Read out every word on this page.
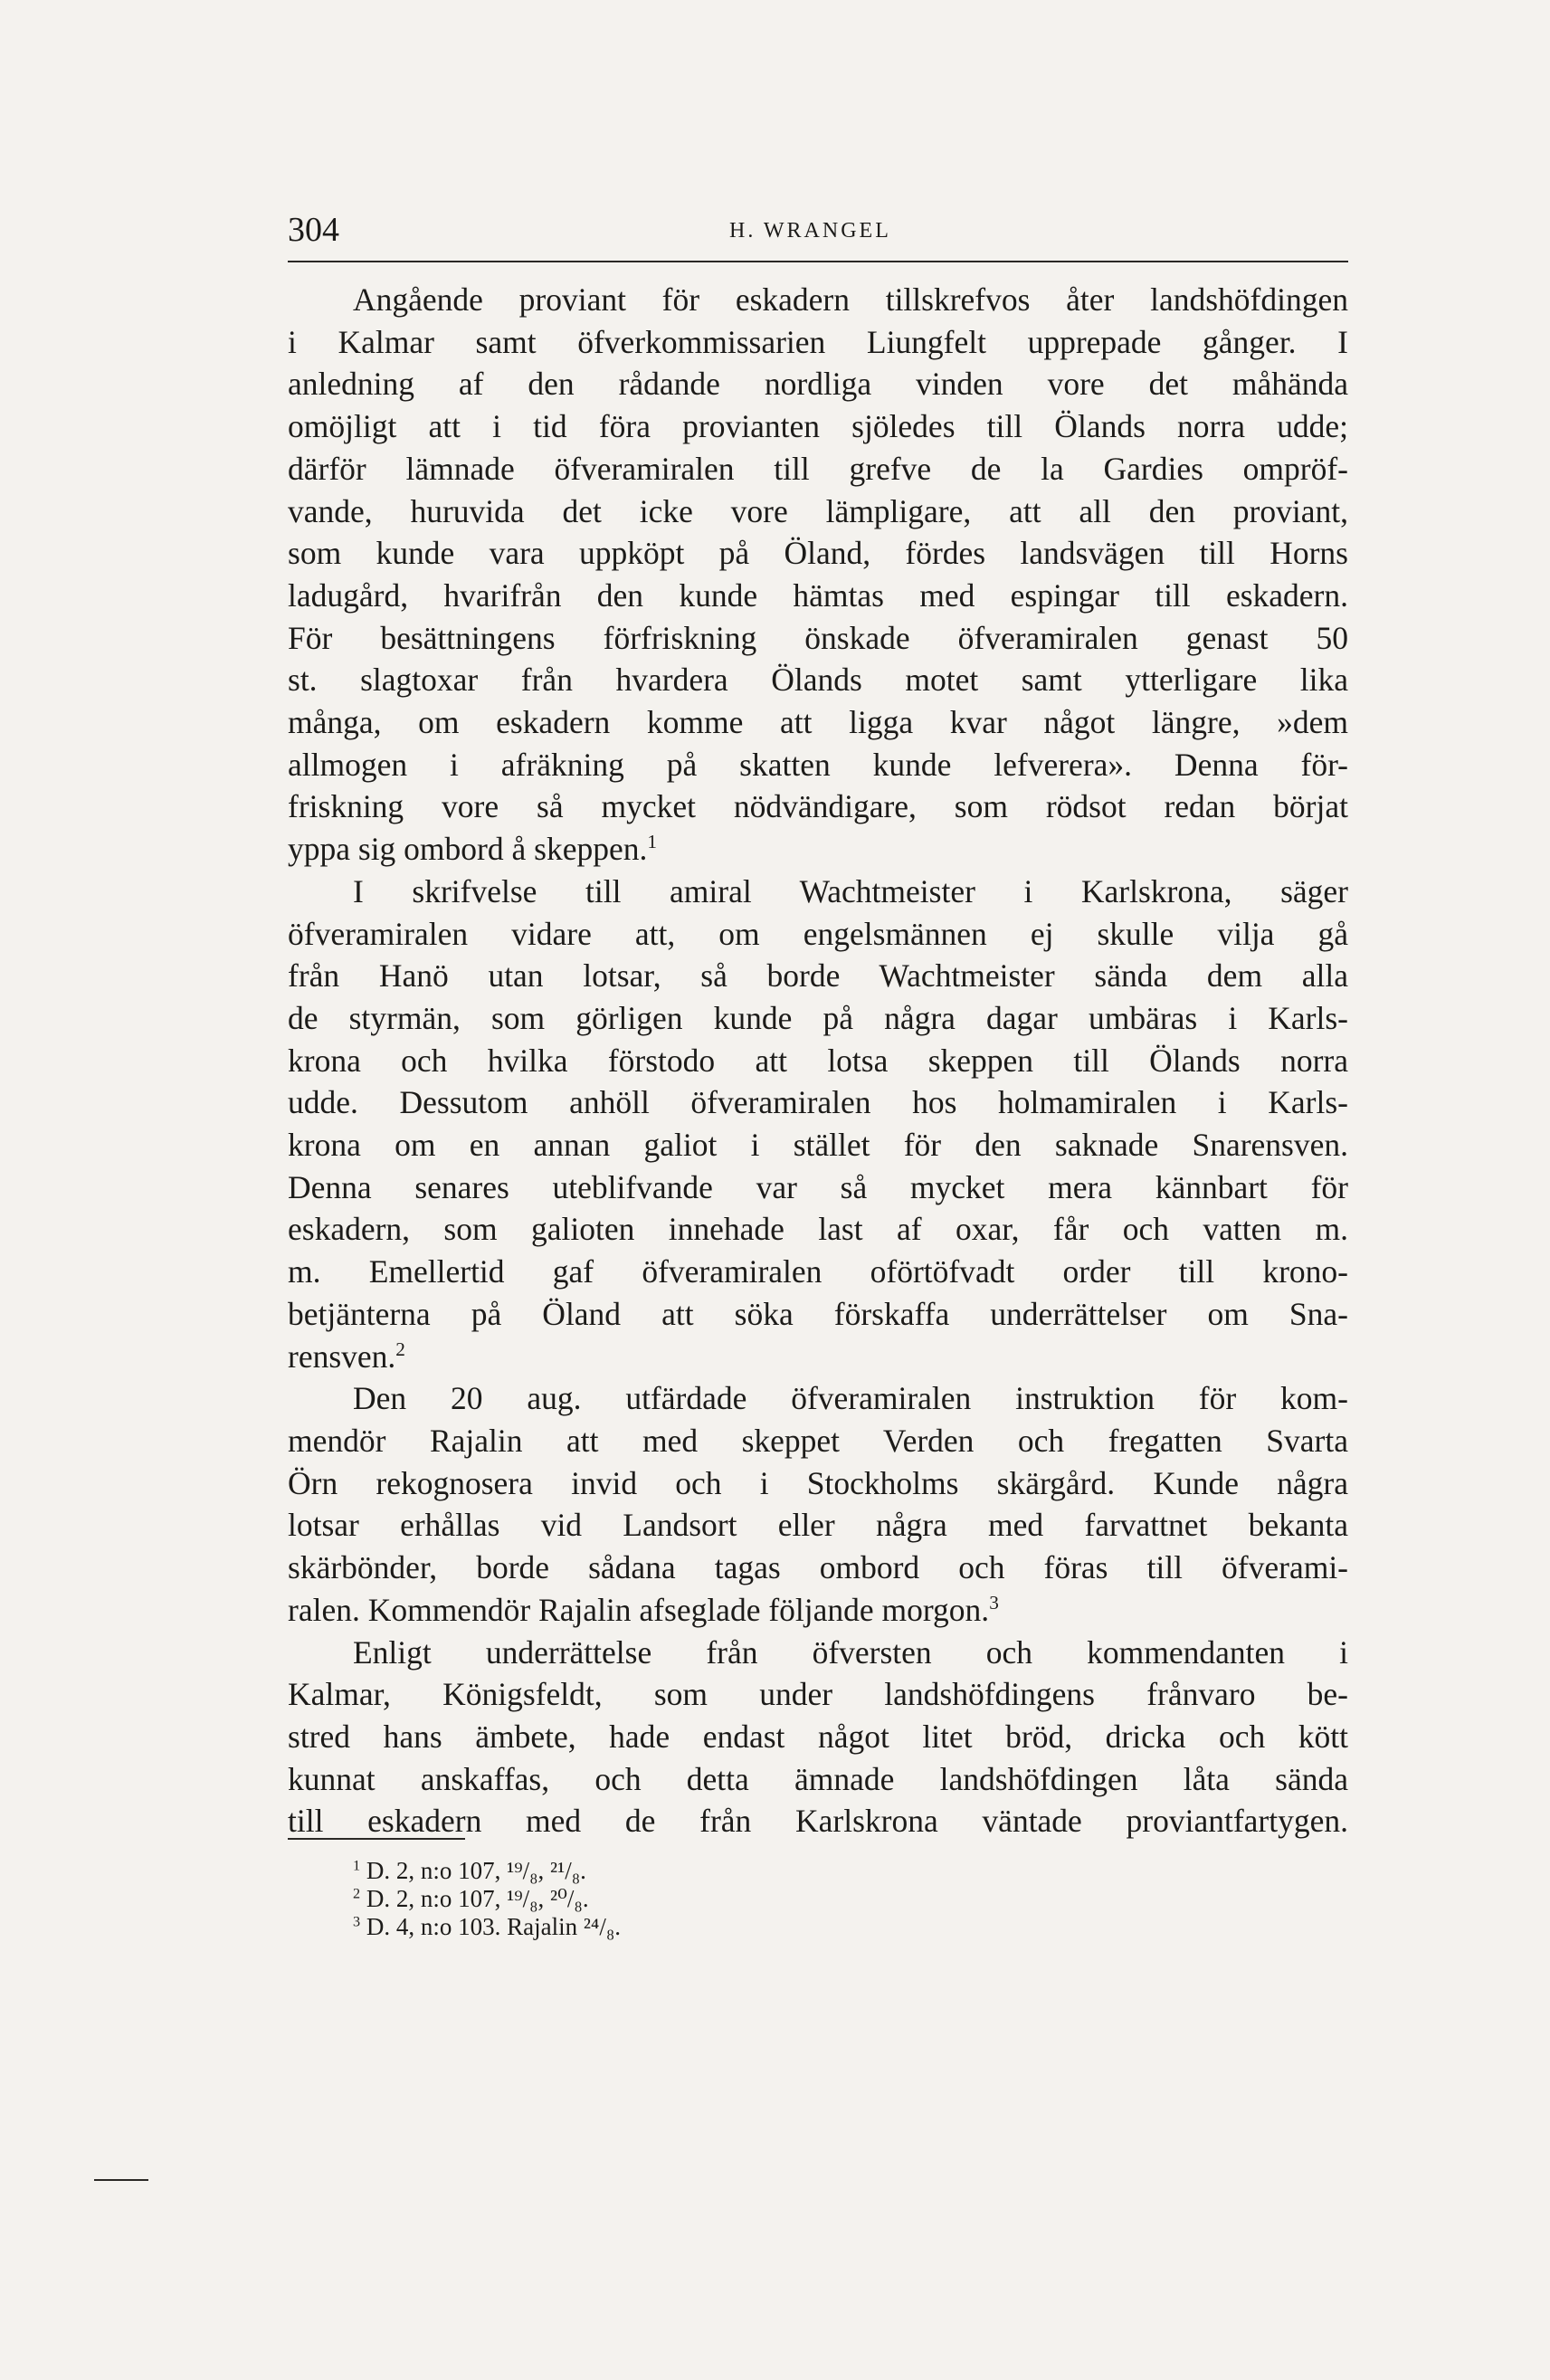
304	H. WRANGEL
Angående proviant för eskadern tillskrefvos åter landshöfdingen
i Kalmar samt öfverkommissarien Liungfelt upprepade gånger. I
anledning af den rådande nordliga vinden vore det måhända
omöjligt att i tid föra provianten sjöledes till Ölands norra udde;
därför lämnade öfveramiralen till grefve de la Gardies ompröf-
vande, huruvida det icke vore lämpligare, att all den proviant,
som kunde vara uppköpt på Öland, fördes landsvägen till Horns
ladugård, hvarifrån den kunde hämtas med espingar till eskadern.
För besättningens förfriskning önskade öfveramiralen genast 50
st. slagtoxar från hvardera Ölands motet samt ytterligare lika
många, om eskadern komme att ligga kvar något längre, »dem
allmogen i afräkning på skatten kunde lefverera». Denna för-
friskning vore så mycket nödvändigare, som rödsot redan börjat
yppa sig ombord å skeppen.$^1$
I skrifvelse till amiral Wachtmeister i Karlskrona, säger
öfveramiralen vidare att, om engelsmännen ej skulle vilja gå
från Hanö utan lotsar, så borde Wachtmeister sända dem alla
de styrmän, som görligen kunde på några dagar umbäras i Karls-
krona och hvilka förstodo att lotsa skeppen till Ölands norra
udde. Dessutom anhöll öfveramiralen hos holmamiralen i Karls-
krona om en annan galiot i stället för den saknade Snarensven.
Denna senares uteblifvande var så mycket mera kännbart för
eskadern, som galioten innehade last af oxar, får och vatten m.
m. Emellertid gaf öfveramiralen oförtöfvadt order till krono-
betjänterna på Öland att söka förskaffa underrättelser om Sna-
rensven.$^2$
Den 20 aug. utfärdade öfveramiralen instruktion för kom-
mendör Rajalin att med skeppet Verden och fregatten Svarta
Örn rekognosera invid och i Stockholms skärgård. Kunde några
lotsar erhållas vid Landsort eller några med farvattnet bekanta
skärbönder, borde sådana tagas ombord och föras till öfverami-
ralen. Kommendör Rajalin afseglade följande morgon.$^3$
Enligt underrättelse från öfversten och kommendanten i
Kalmar, Königsfeldt, som under landshöfdingens frånvaro be-
stred hans ämbete, hade endast något litet bröd, dricka och kött
kunnat anskaffas, och detta ämnade landshöfdingen låta sända
till eskadern med de från Karlskrona väntade proviantfartygen.
$^1$ D. 2, n:o 107, ¹⁹/₈, ²¹/₈.
$^2$ D. 2, n:o 107, ¹⁹/₈, ²⁰/₈.
$^3$ D. 4, n:o 103. Rajalin ²⁴/₈.
